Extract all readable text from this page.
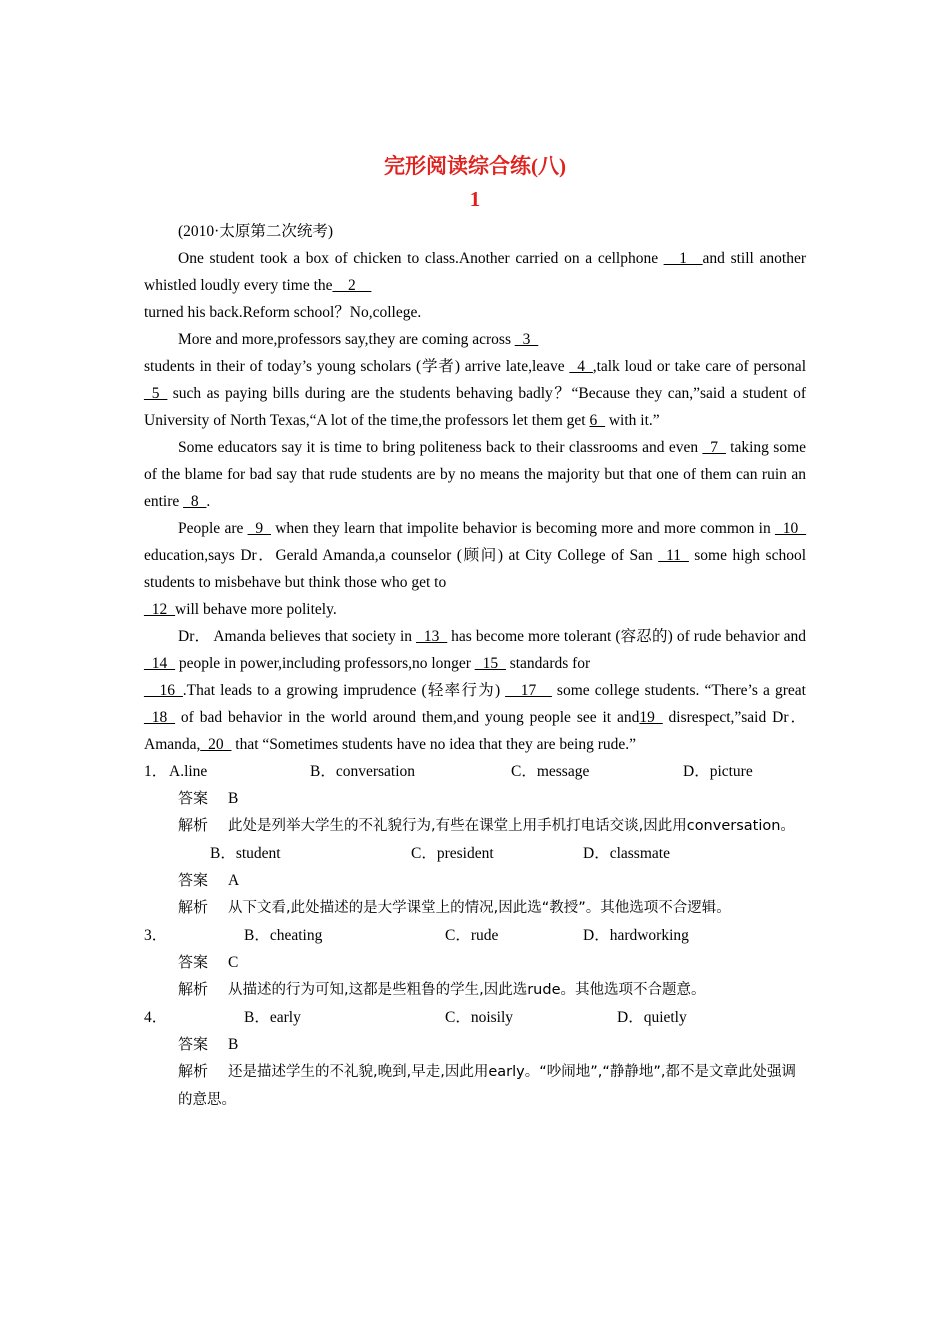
完形阅读综合练(八)
1

(2010·太原第二次统考)

One student took a box of chicken to class.Another carried on a cellphone __1__and still another whistled loudly every time the__2__

turned his back.Reform school？No,college.

More and more,professors say,they are coming across _3_

students in their of today’s young scholars (学者) arrive late,leave _4_,talk loud or take care of personal _5_ such as paying bills during are the students behaving badly？“Because they can,”said a student of University of North Texas,“A lot of the time,the professors let them get 6_ with it.”

Some educators say it is time to bring politeness back to their classrooms and even _7_ taking some of the blame for bad say that rude students are by no means the majority but that one of them can ruin an entire _8_.

People are _9_ when they learn that impolite behavior is becoming more and more common in _10_ education,says Dr．Gerald Amanda,a counselor (顾问) at City College of San _11_ some high school students to misbehave but think those who get to

_12_will behave more politely.

Dr． Amanda believes that society in _13_ has become more tolerant (容忍的) of rude behavior and _14_ people in power,including professors,no longer _15_ standards for

__16_.That leads to a growing imprudence (轻率行为) __17__ some college students. “There’s a great _18_ of bad behavior in the world around them,and young people see it and19_ disrespect,”said Dr． Amanda,_20_ that “Sometimes students have no idea that they are being rude.”

1． A.line	B．conversation	C．message	D．picture
答案 B
解析 此处是列举大学生的不礼貌行为,有些在课堂上用手机打电话交谈,因此用conversation。
B．student	C．president	D．classmate
答案 A
解析 从下文看,此处描述的是大学课堂上的情况,因此选“教授”。其他选项不合逻辑。
3．	B．cheating	C．rude	D．hardworking
答案 C
解析 从描述的行为可知,这都是些粗鲁的学生,因此选rude。其他选项不合题意。
4．	B．early	C．noisily	D．quietly
答案 B
解析 还是描述学生的不礼貌,晚到,早走,因此用early。“吵闹地”,“静静地”,都不是文章此处强调的意思。
